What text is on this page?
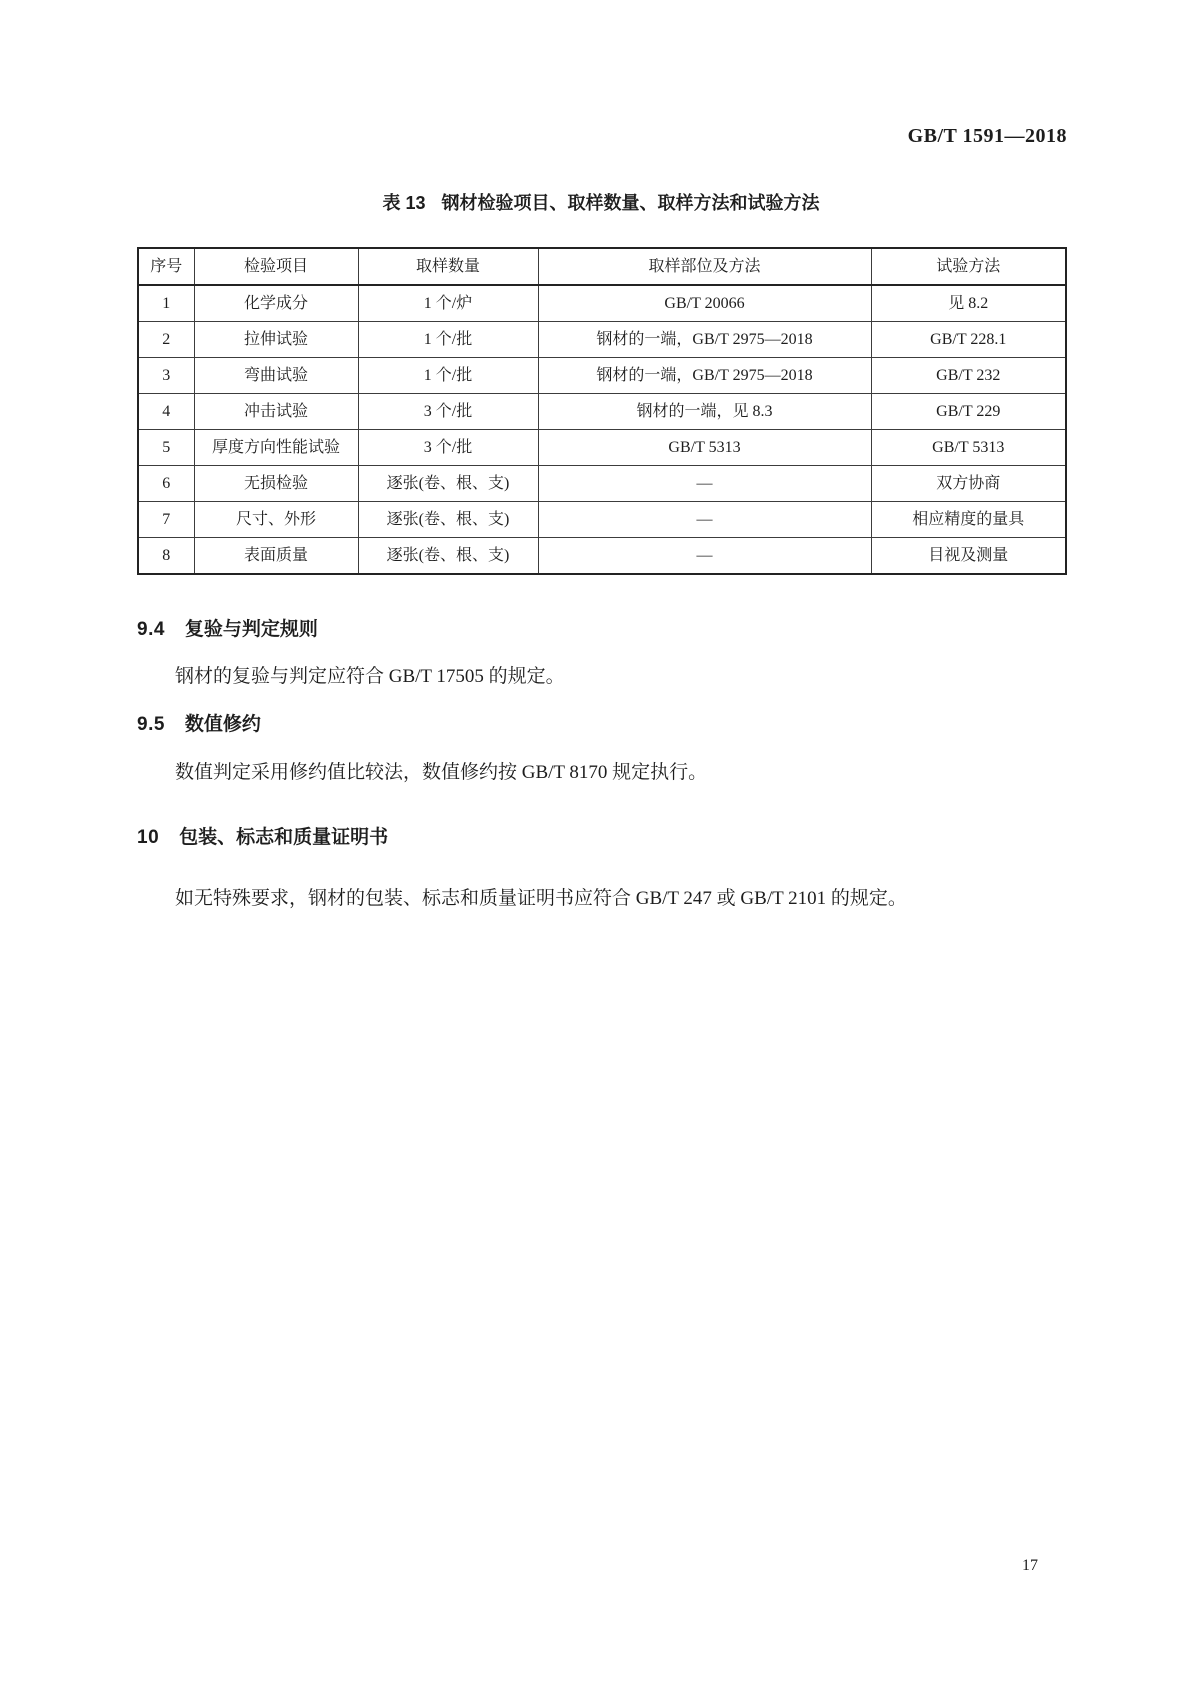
GB/T 1591—2018
表 13 钢材检验项目、取样数量、取样方法和试验方法
序号	检验项目	取样数量	取样部位及方法	试验方法
1	化学成分	1 个/炉	GB/T 20066	见 8.2
2	拉伸试验	1 个/批	钢材的一端，GB/T 2975—2018	GB/T 228.1
3	弯曲试验	1 个/批	钢材的一端，GB/T 2975—2018	GB/T 232
4	冲击试验	3 个/批	钢材的一端，见 8.3	GB/T 229
5	厚度方向性能试验	3 个/批	GB/T 5313	GB/T 5313
6	无损检验	逐张(卷、根、支)	—	双方协商
7	尺寸、外形	逐张(卷、根、支)	—	相应精度的量具
8	表面质量	逐张(卷、根、支)	—	目视及测量
9.4 复验与判定规则
钢材的复验与判定应符合 GB/T 17505 的规定。
9.5 数值修约
数值判定采用修约值比较法，数值修约按 GB/T 8170 规定执行。
10 包装、标志和质量证明书
如无特殊要求，钢材的包装、标志和质量证明书应符合 GB/T 247 或 GB/T 2101 的规定。
17
